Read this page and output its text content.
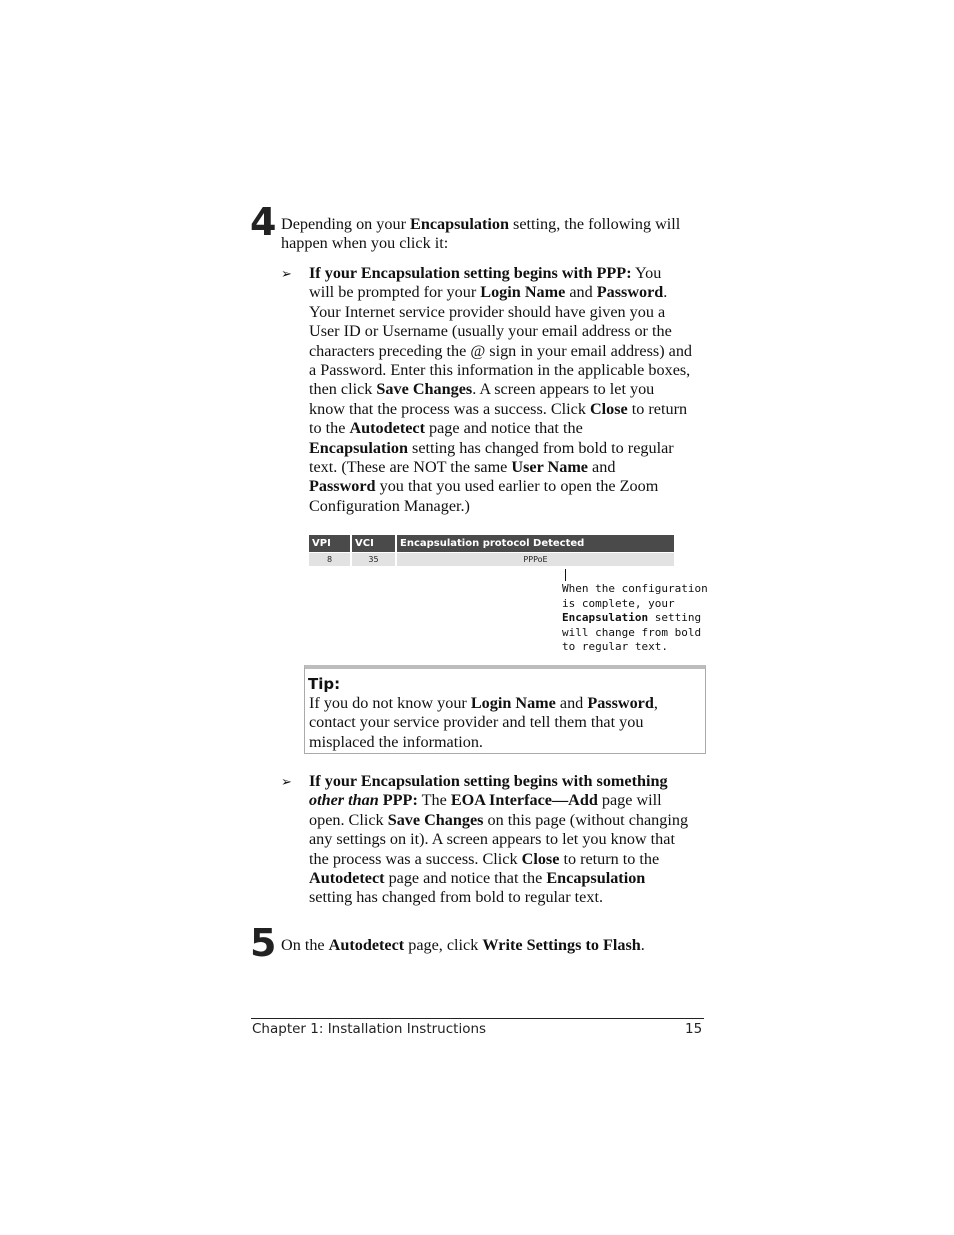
4 Depending on your Encapsulation setting, the following will
happen when you click it:
➢ If your Encapsulation setting begins with PPP: You
will be prompted for your Login Name and Password.
Your Internet service provider should have given you a
User ID or Username (usually your email address or the
characters preceding the @ sign in your email address) and
a Password. Enter this information in the applicable boxes,
then click Save Changes. A screen appears to let you
know that the process was a success. Click Close to return
to the Autodetect page and notice that the
Encapsulation setting has changed from bold to regular
text. (These are NOT the same User Name and
Password you that you used earlier to open the Zoom
Configuration Manager.)
VPI	VCI	Encapsulation protocol Detected
8	35	PPPoE
When the configuration
is complete, your
Encapsulation setting
will change from bold
to regular text.
Tip:
If you do not know your Login Name and Password,
contact your service provider and tell them that you
misplaced the information.
➢ If your Encapsulation setting begins with something
other than PPP: The EOA Interface—Add page will
open. Click Save Changes on this page (without changing
any settings on it). A screen appears to let you know that
the process was a success. Click Close to return to the
Autodetect page and notice that the Encapsulation
setting has changed from bold to regular text.
5 On the Autodetect page, click Write Settings to Flash.
Chapter 1: Installation Instructions	15
